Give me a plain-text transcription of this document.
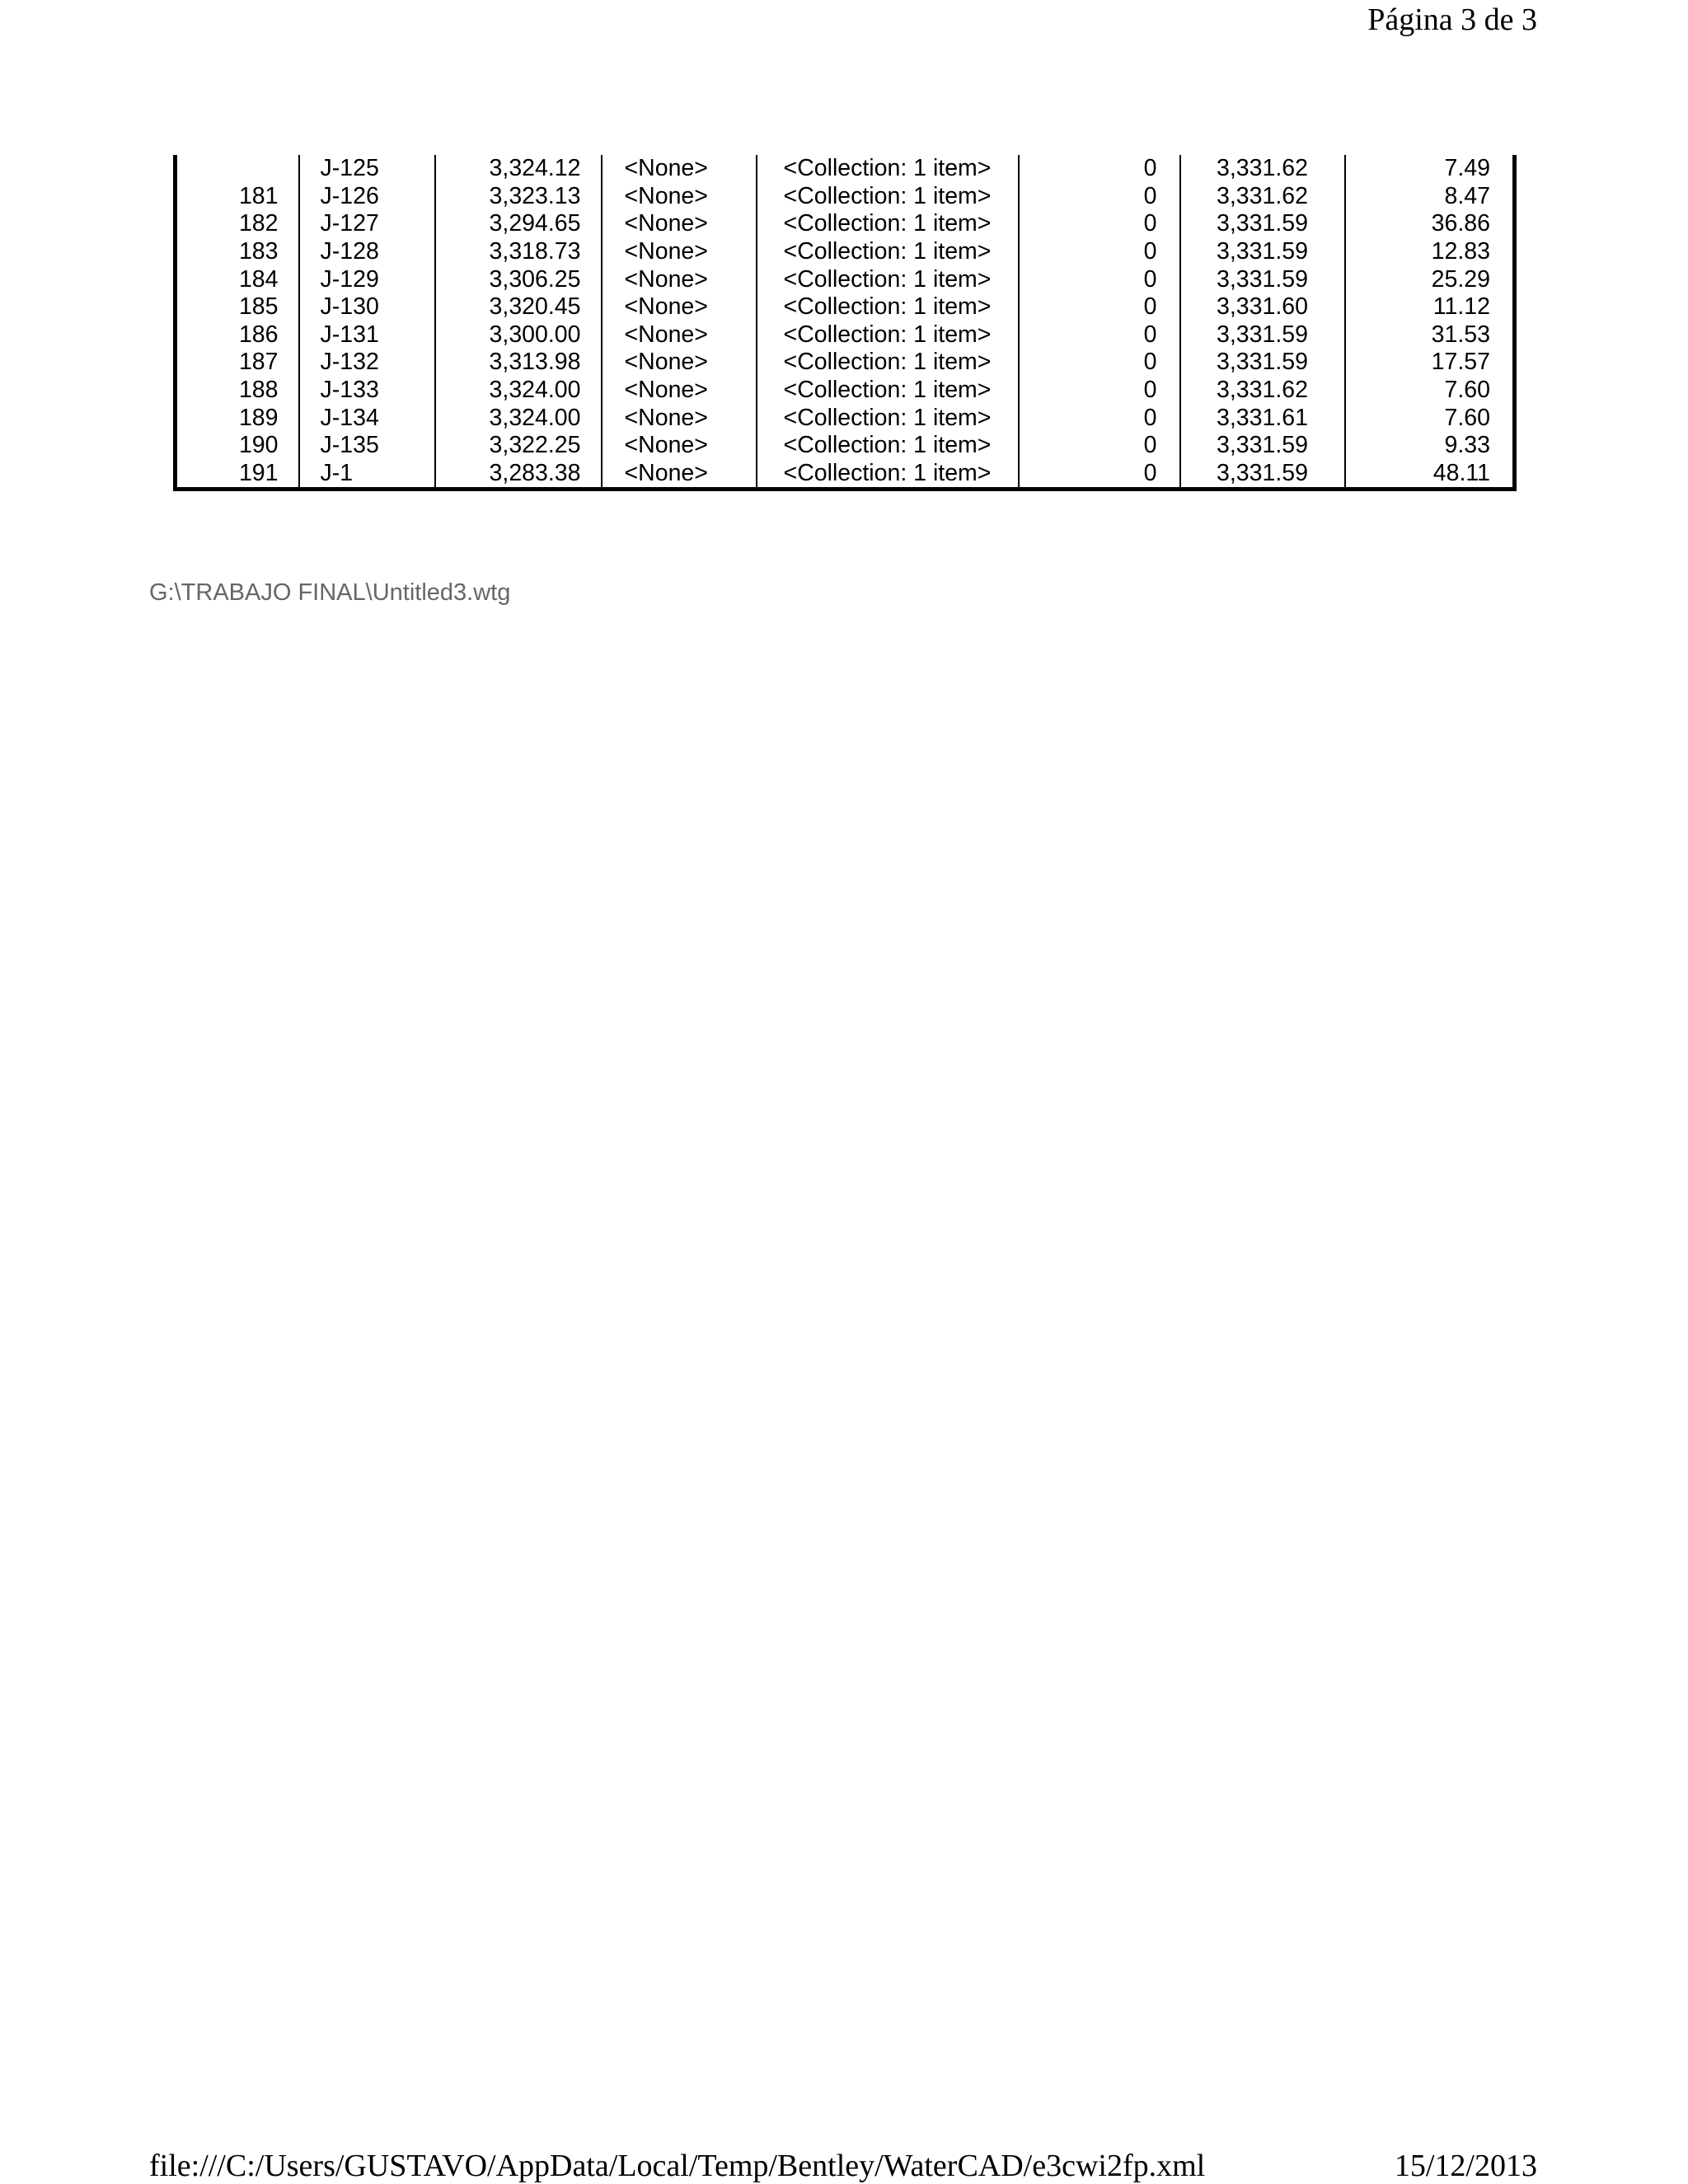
Página 3 de 3
	J-125	3,324.12	<None>	<Collection: 1 item>	0	3,331.62	7.49
181	J-126	3,323.13	<None>	<Collection: 1 item>	0	3,331.62	8.47
182	J-127	3,294.65	<None>	<Collection: 1 item>	0	3,331.59	36.86
183	J-128	3,318.73	<None>	<Collection: 1 item>	0	3,331.59	12.83
184	J-129	3,306.25	<None>	<Collection: 1 item>	0	3,331.59	25.29
185	J-130	3,320.45	<None>	<Collection: 1 item>	0	3,331.60	11.12
186	J-131	3,300.00	<None>	<Collection: 1 item>	0	3,331.59	31.53
187	J-132	3,313.98	<None>	<Collection: 1 item>	0	3,331.59	17.57
188	J-133	3,324.00	<None>	<Collection: 1 item>	0	3,331.62	7.60
189	J-134	3,324.00	<None>	<Collection: 1 item>	0	3,331.61	7.60
190	J-135	3,322.25	<None>	<Collection: 1 item>	0	3,331.59	9.33
191	J-1	3,283.38	<None>	<Collection: 1 item>	0	3,331.59	48.11
G:\TRABAJO FINAL\Untitled3.wtg
file:///C:/Users/GUSTAVO/AppData/Local/Temp/Bentley/WaterCAD/e3cwi2fp.xml	15/12/2013
